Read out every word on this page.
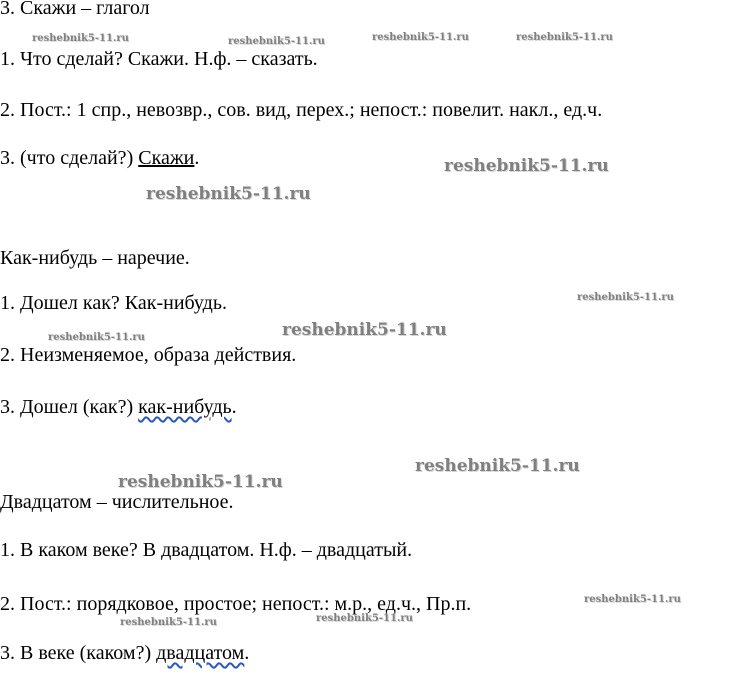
3. Скажи – глагол
1. Что сделай? Скажи. Н.ф. – сказать.
2. Пост.: 1 спр., невозвр., сов. вид, перех.; непост.: повелит. накл., ед.ч.
3. (что сделай?) Скажи.
Как-нибудь – наречие.
1. Дошел как? Как-нибудь.
2. Неизменяемое, образа действия.
3. Дошел (как?) как-нибудь.
Двадцатом – числительное.
1. В каком веке? В двадцатом. Н.ф. – двадцатый.
2. Пост.: порядковое, простое; непост.: м.р., ед.ч., Пр.п.
3. В веке (каком?) двадцатом.
reshebnik5-11.ru	reshebnik5-11.ru	reshebnik5-11.ru	reshebnik5-11.ru
reshebnik5-11.ru
reshebnik5-11.ru
reshebnik5-11.ru
reshebnik5-11.ru
reshebnik5-11.ru
reshebnik5-11.ru
reshebnik5-11.ru
reshebnik5-11.ru
reshebnik5-11.ru	reshebnik5-11.ru
